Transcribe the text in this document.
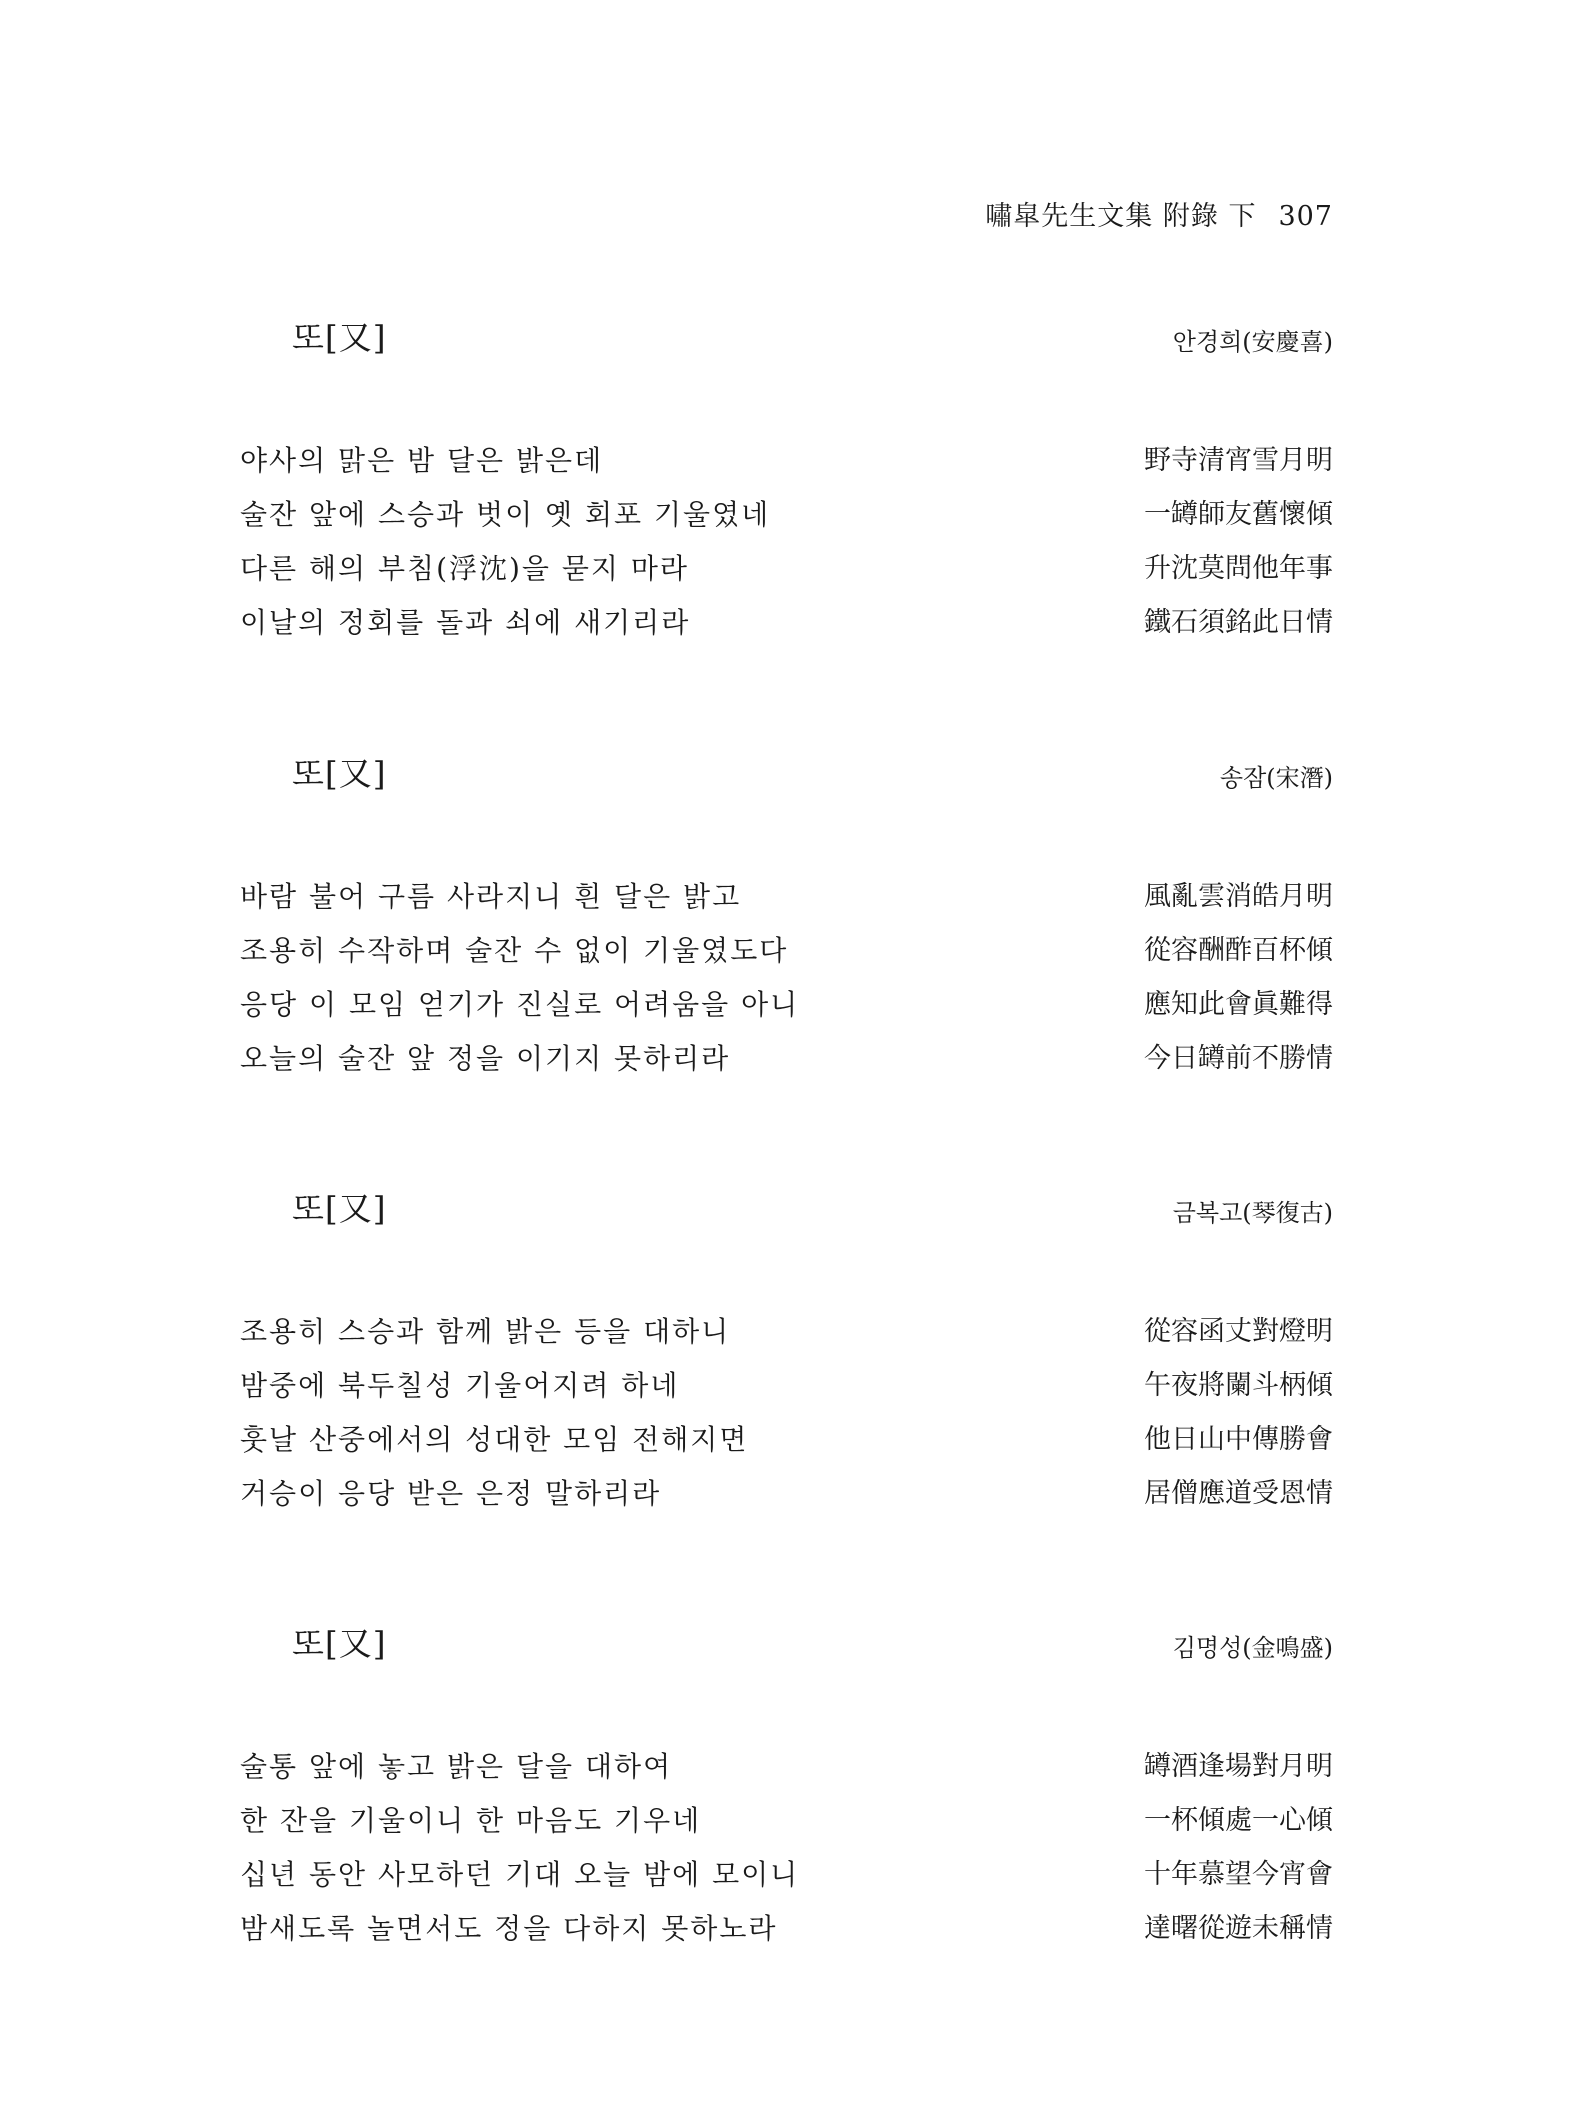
嘯皐先生文集 附錄 下 307
또[又]	안경희(安慶喜)
야사의 맑은 밤 달은 밝은데	野寺清宵雪月明
술잔 앞에 스승과 벗이 옛 회포 기울였네	一罇師友舊懷傾
다른 해의 부침(浮沈)을 묻지 마라	升沈莫問他年事
이날의 정회를 돌과 쇠에 새기리라	鐵石須銘此日情
또[又]	송잠(宋潛)
바람 불어 구름 사라지니 흰 달은 밝고	風亂雲消皓月明
조용히 수작하며 술잔 수 없이 기울였도다	從容酬酢百杯傾
응당 이 모임 얻기가 진실로 어려움을 아니	應知此會眞難得
오늘의 술잔 앞 정을 이기지 못하리라	今日罇前不勝情
또[又]	금복고(琴復古)
조용히 스승과 함께 밝은 등을 대하니	從容函丈對燈明
밤중에 북두칠성 기울어지려 하네	午夜將闌斗柄傾
훗날 산중에서의 성대한 모임 전해지면	他日山中傳勝會
거승이 응당 받은 은정 말하리라	居僧應道受恩情
또[又]	김명성(金鳴盛)
술통 앞에 놓고 밝은 달을 대하여	罇酒逢場對月明
한 잔을 기울이니 한 마음도 기우네	一杯傾處一心傾
십년 동안 사모하던 기대 오늘 밤에 모이니	十年慕望今宵會
밤새도록 놀면서도 정을 다하지 못하노라	達曙從遊未稱情
